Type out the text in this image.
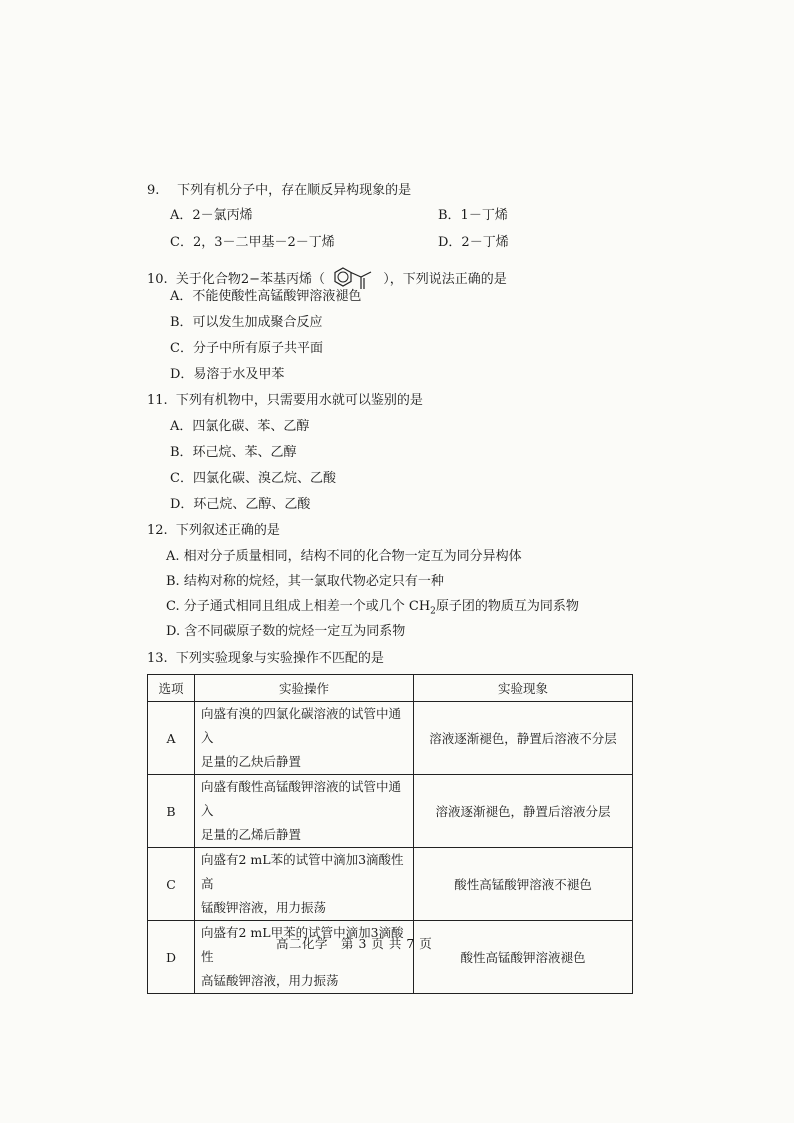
9. 下列有机分子中，存在顺反异构现象的是
A．2－氯丙烯	B．1－丁烯
C．2，3－二甲基－2－丁烯	D．2－丁烯
10. 关于化合物2−苯基丙烯（	），下列说法正确的是
A．不能使酸性高锰酸钾溶液褪色
B．可以发生加成聚合反应
C．分子中所有原子共平面
D．易溶于水及甲苯
11. 下列有机物中，只需要用水就可以鉴别的是
A．四氯化碳、苯、乙醇
B．环己烷、苯、乙醇
C．四氯化碳、溴乙烷、乙酸
D．环己烷、乙醇、乙酸
12. 下列叙述正确的是
A. 相对分子质量相同，结构不同的化合物一定互为同分异构体
B. 结构对称的烷烃，其一氯取代物必定只有一种
C. 分子通式相同且组成上相差一个或几个 $CH_2$原子团的物质互为同系物
D. 含不同碳原子数的烷烃一定互为同系物
13. 下列实验现象与实验操作不匹配的是
选项	实验操作	实验现象
A	向盛有溴的四氯化碳溶液的试管中通入
足量的乙炔后静置	溶液逐渐褪色，静置后溶液不分层
B	向盛有酸性高锰酸钾溶液的试管中通入
足量的乙烯后静置	溶液逐渐褪色，静置后溶液分层
C	向盛有2 mL苯的试管中滴加3滴酸性高
锰酸钾溶液，用力振荡	酸性高锰酸钾溶液不褪色
D	向盛有2 mL甲苯的试管中滴加3滴酸性
高锰酸钾溶液，用力振荡	酸性高锰酸钾溶液褪色
高二化学　第 3 页 共 7 页
